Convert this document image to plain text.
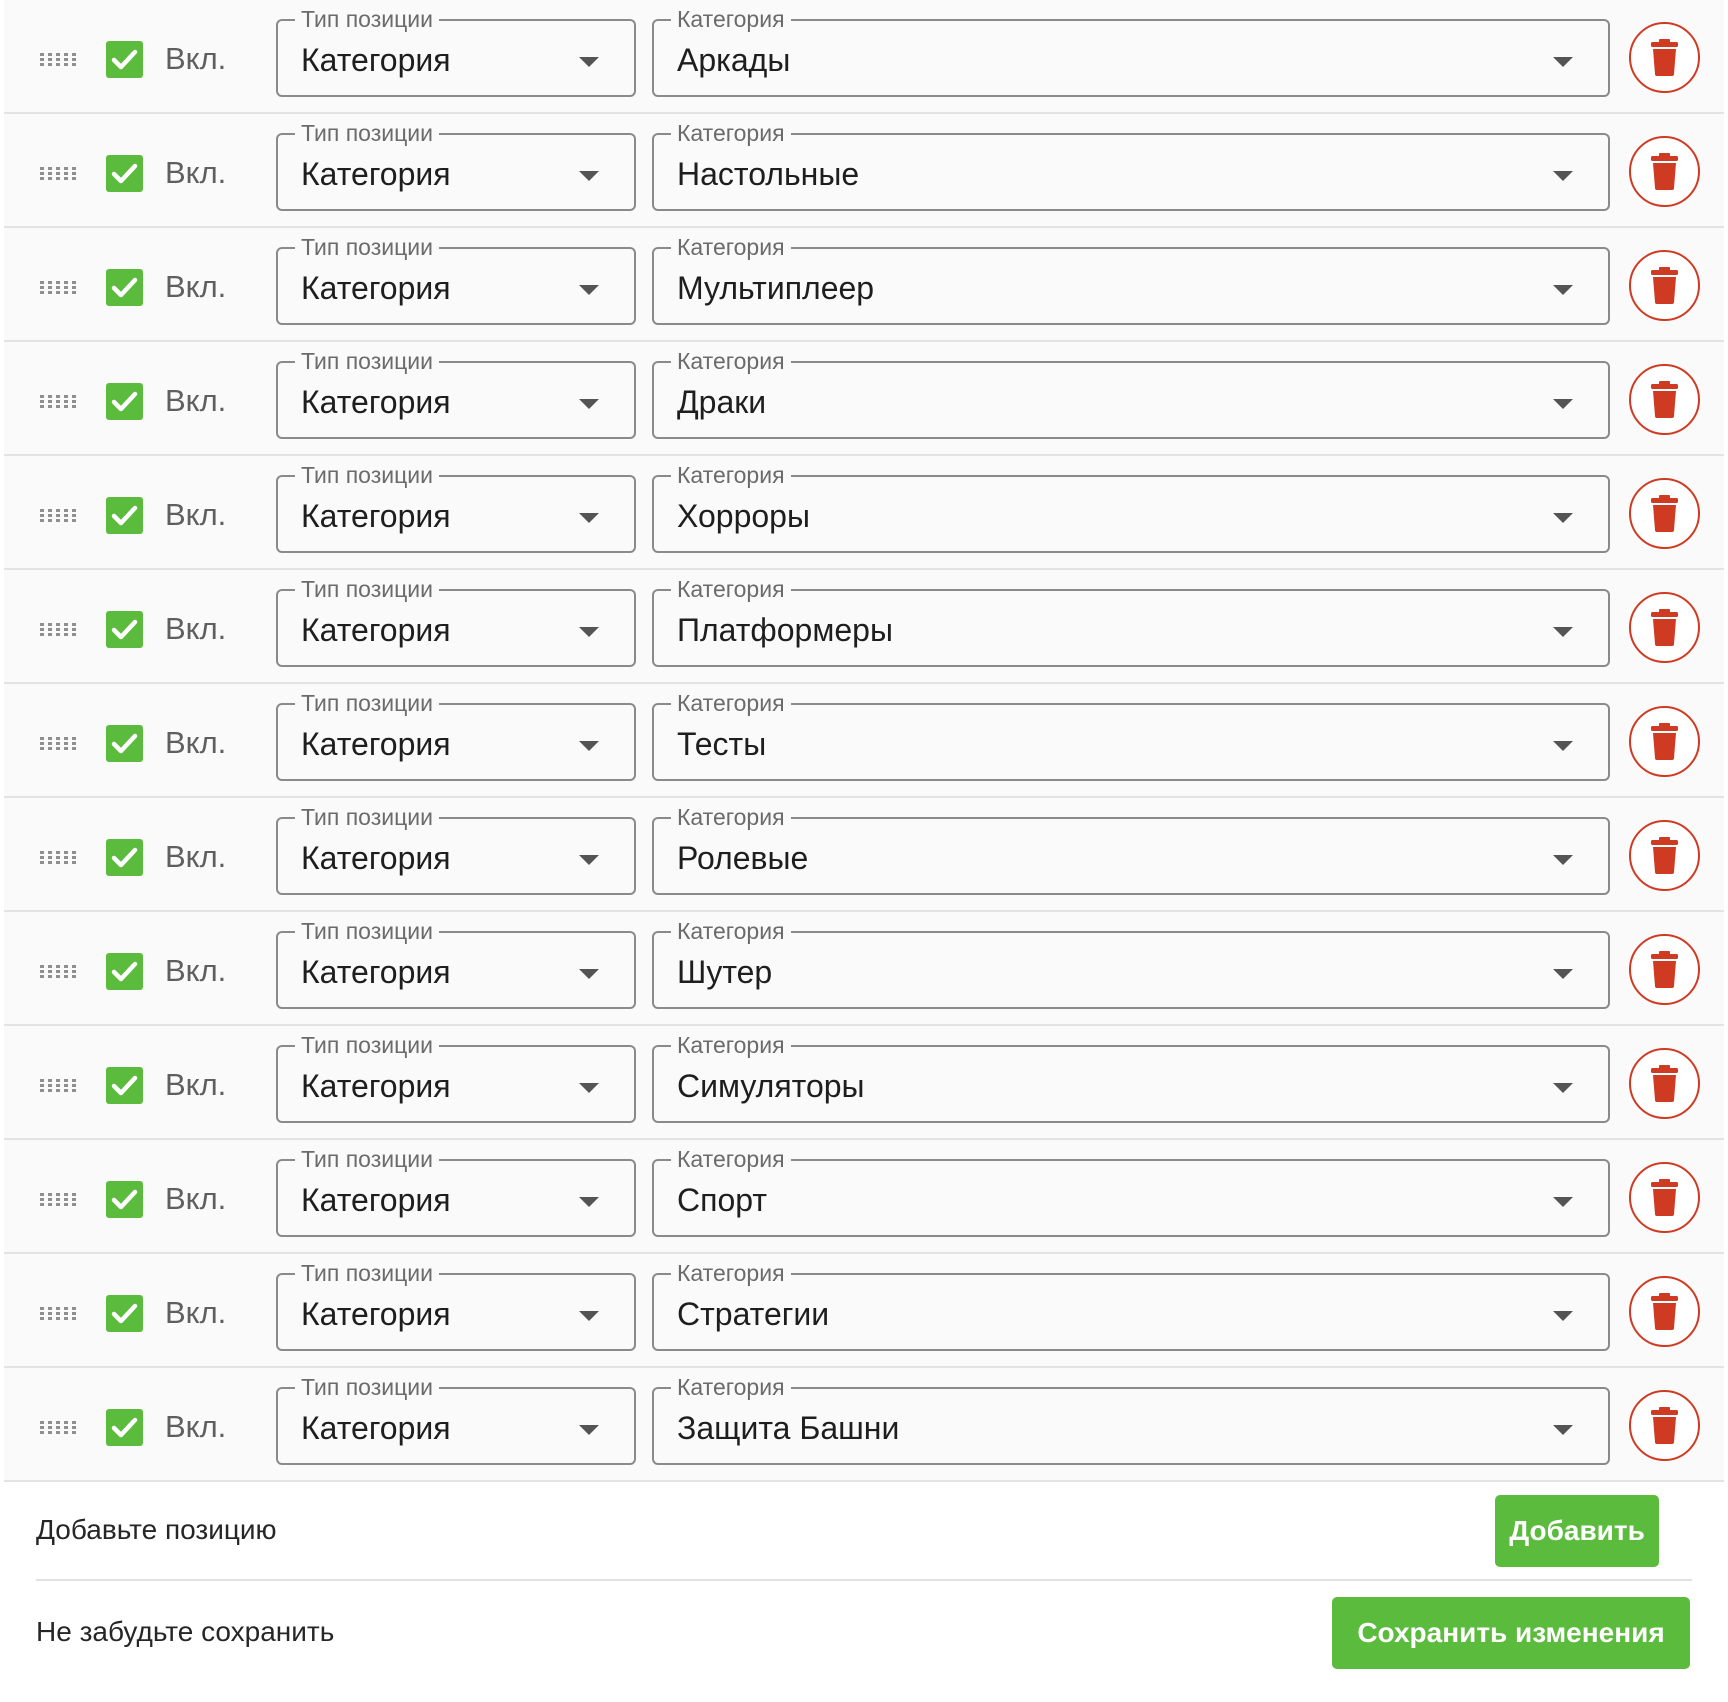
Вкл.
Тип позиции
Категория
Категория
Аркады
Вкл.
Тип позиции
Категория
Категория
Настольные
Вкл.
Тип позиции
Категория
Категория
Мультиплеер
Вкл.
Тип позиции
Категория
Категория
Драки
Вкл.
Тип позиции
Категория
Категория
Хорроры
Вкл.
Тип позиции
Категория
Категория
Платформеры
Вкл.
Тип позиции
Категория
Категория
Тесты
Вкл.
Тип позиции
Категория
Категория
Ролевые
Вкл.
Тип позиции
Категория
Категория
Шутер
Вкл.
Тип позиции
Категория
Категория
Симуляторы
Вкл.
Тип позиции
Категория
Категория
Спорт
Вкл.
Тип позиции
Категория
Категория
Стратегии
Вкл.
Тип позиции
Категория
Категория
Защита Башни
Добавьте позицию	Добавить
Не забудьте сохранить	Сохранить изменения
